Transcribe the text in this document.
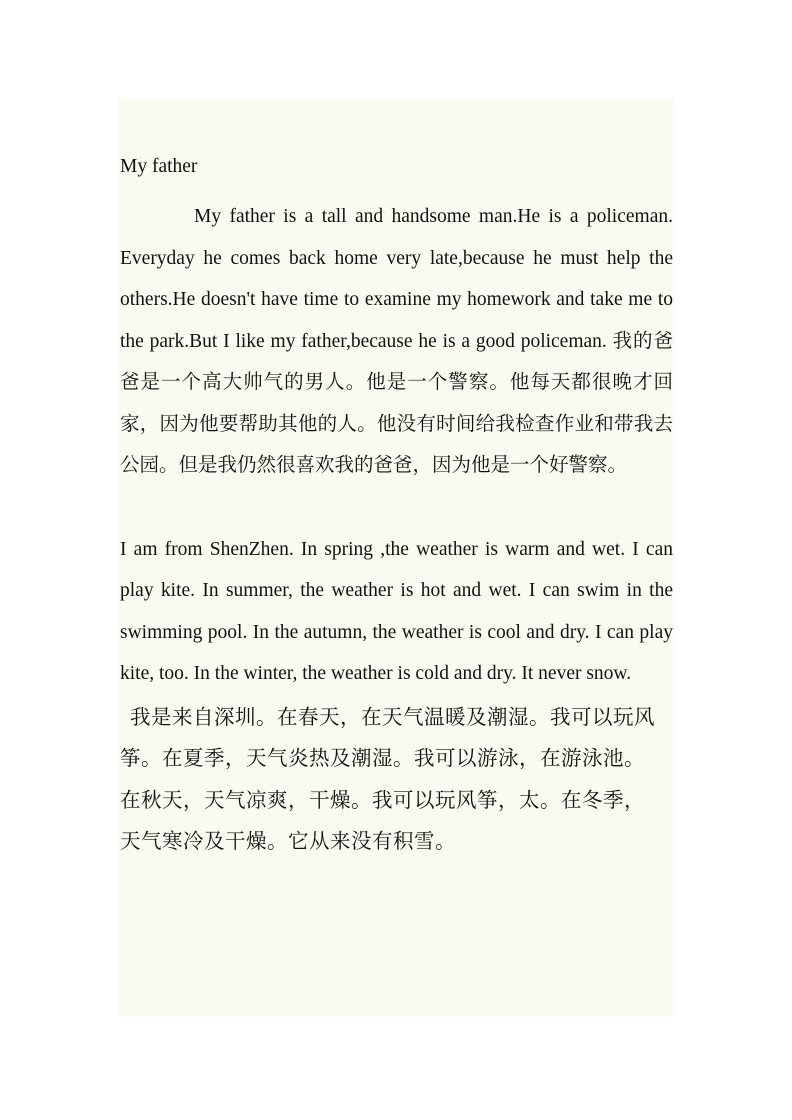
My father

My father is a tall and handsome man.He is a policeman. Everyday he comes back home very late,because he must help the others.He doesn't have time to examine my homework and take me to the park.But I like my father,because he is a good policeman. 我的爸爸是一个高大帅气的男人。他是一个警察。他每天都很晚才回家，因为他要帮助其他的人。他没有时间给我检查作业和带我去公园。但是我仍然很喜欢我的爸爸，因为他是一个好警察。

I am from ShenZhen. In spring ,the weather is warm and wet. I can play kite. In summer, the weather is hot and wet. I can swim in the swimming pool. In the autumn, the weather is cool and dry. I can play kite, too. In the winter, the weather is cold and dry. It never snow.

我是来自深圳。在春天，在天气温暖及潮湿。我可以玩风
筝。在夏季，天气炎热及潮湿。我可以游泳，在游泳池。
在秋天，天气凉爽，干燥。我可以玩风筝，太。在冬季，
天气寒冷及干燥。它从来没有积雪。
